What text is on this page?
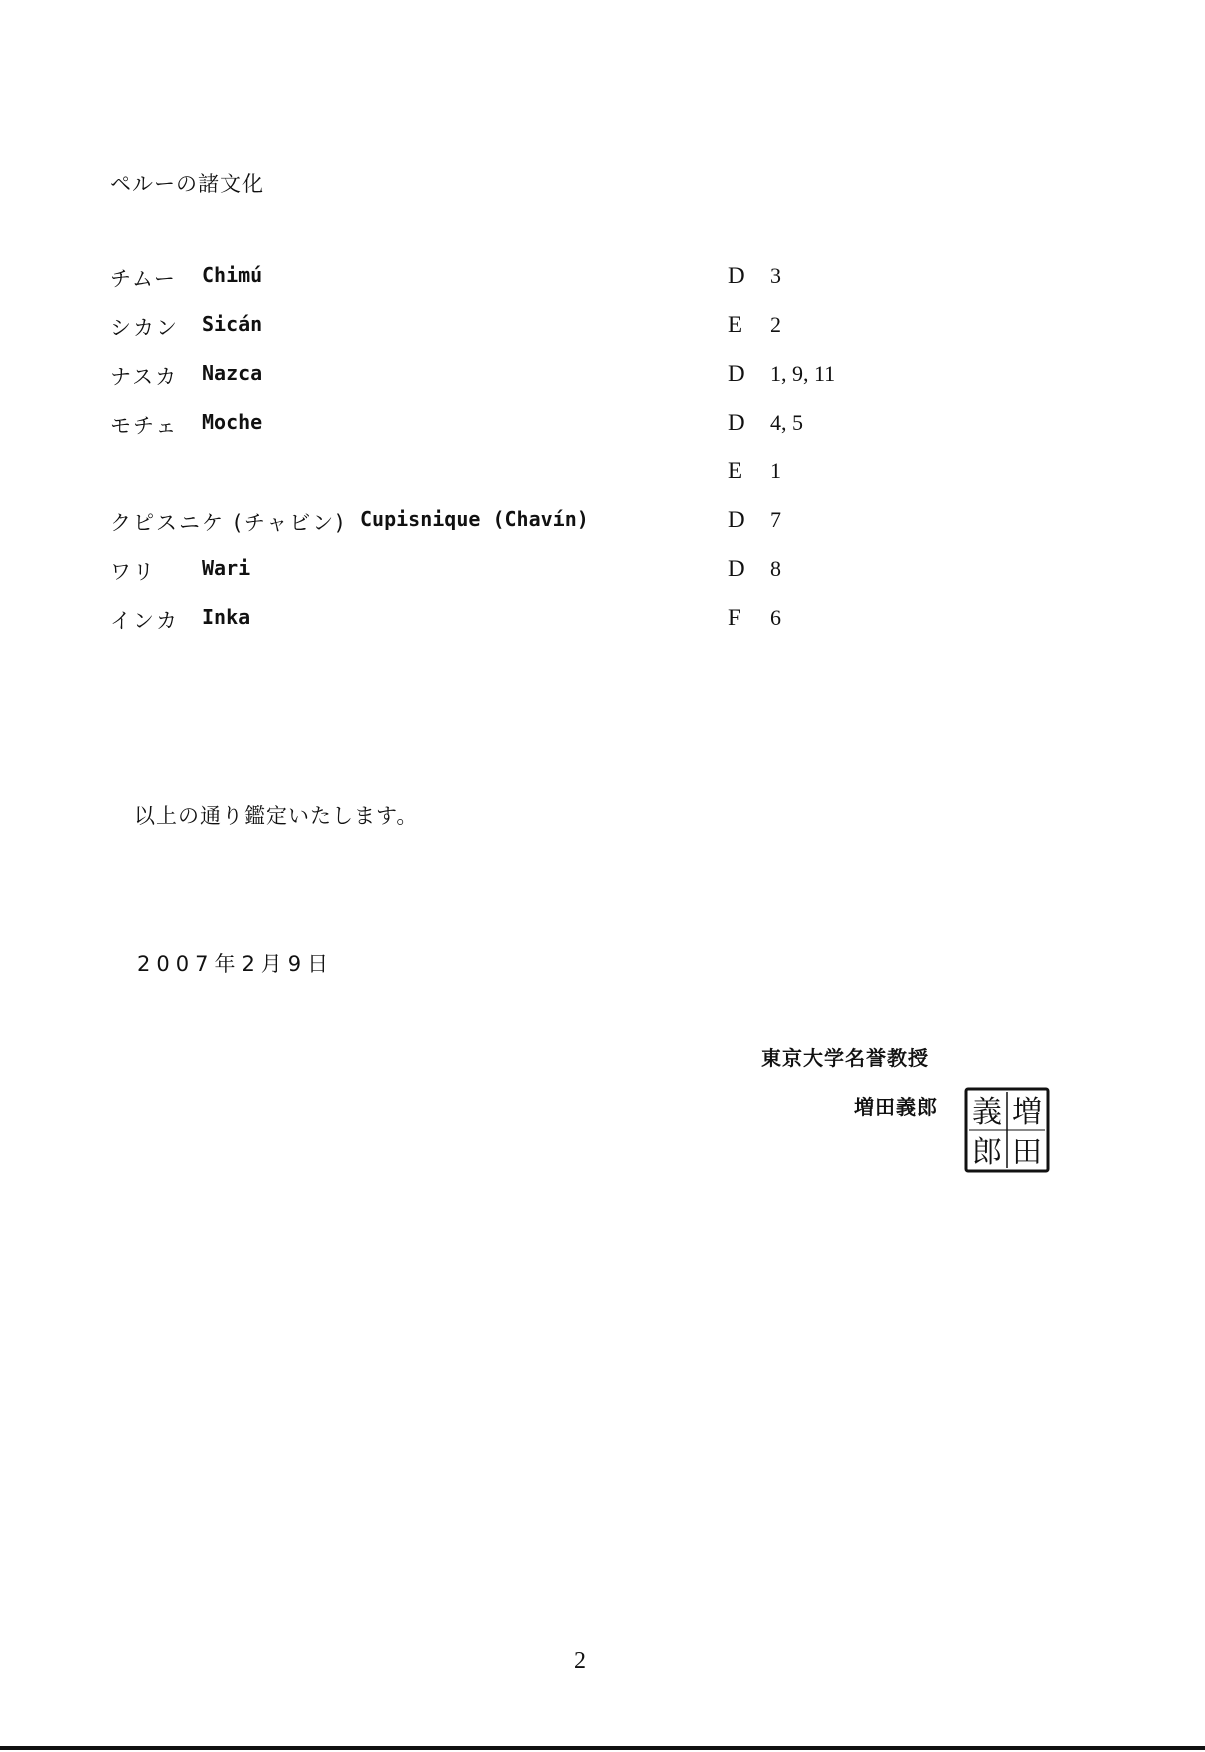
ペルーの諸文化
チムー Chimú	D 3
シカン Sicán	E 2
ナスカ Nazca	D 1, 9, 11
モチェ Moche	D 4, 5
E 1
クピスニケ (チャビン) Cupisnique (Chavín)	D 7
ワリ Wari	D 8
インカ Inka	F 6
以上の通り鑑定いたします。
2007年2月9日
東京大学名誉教授
増田義郎 増
田
義
郎
2
